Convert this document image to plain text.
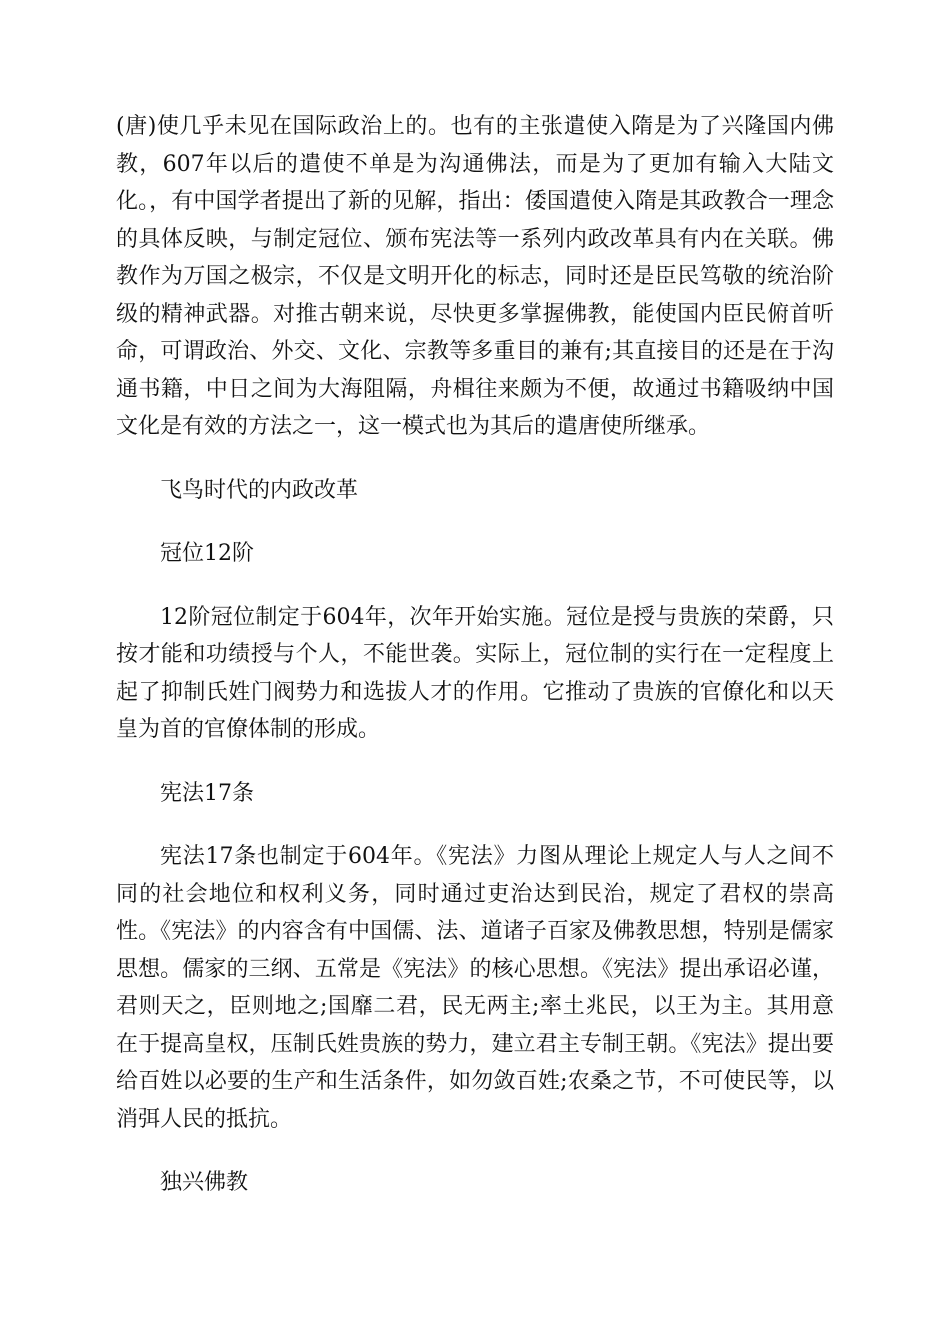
(唐)使几乎未见在国际政治上的。也有的主张遣使入隋是为了兴隆国内佛教，607年以后的遣使不单是为沟通佛法，而是为了更加有输入大陆文化。，有中国学者提出了新的见解，指出：倭国遣使入隋是其政教合一理念的具体反映，与制定冠位、颁布宪法等一系列内政改革具有内在关联。佛教作为万国之极宗，不仅是文明开化的标志，同时还是臣民笃敬的统治阶级的精神武器。对推古朝来说，尽快更多掌握佛教，能使国内臣民俯首听命，可谓政治、外交、文化、宗教等多重目的兼有;其直接目的还是在于沟通书籍，中日之间为大海阻隔，舟楫往来颇为不便，故通过书籍吸纳中国文化是有效的方法之一，这一模式也为其后的遣唐使所继承。

飞鸟时代的内政改革

冠位12阶

12阶冠位制定于604年，次年开始实施。冠位是授与贵族的荣爵，只按才能和功绩授与个人，不能世袭。实际上，冠位制的实行在一定程度上起了抑制氏姓门阀势力和选拔人才的作用。它推动了贵族的官僚化和以天皇为首的官僚体制的形成。

宪法17条

宪法17条也制定于604年。《宪法》力图从理论上规定人与人之间不同的社会地位和权利义务，同时通过吏治达到民治，规定了君权的崇高性。《宪法》的内容含有中国儒、法、道诸子百家及佛教思想，特别是儒家思想。儒家的三纲、五常是《宪法》的核心思想。《宪法》提出承诏必谨，君则天之，臣则地之;国靡二君，民无两主;率土兆民，以王为主。其用意在于提高皇权，压制氏姓贵族的势力，建立君主专制王朝。《宪法》提出要给百姓以必要的生产和生活条件，如勿敛百姓;农桑之节，不可使民等，以消弭人民的抵抗。

独兴佛教
